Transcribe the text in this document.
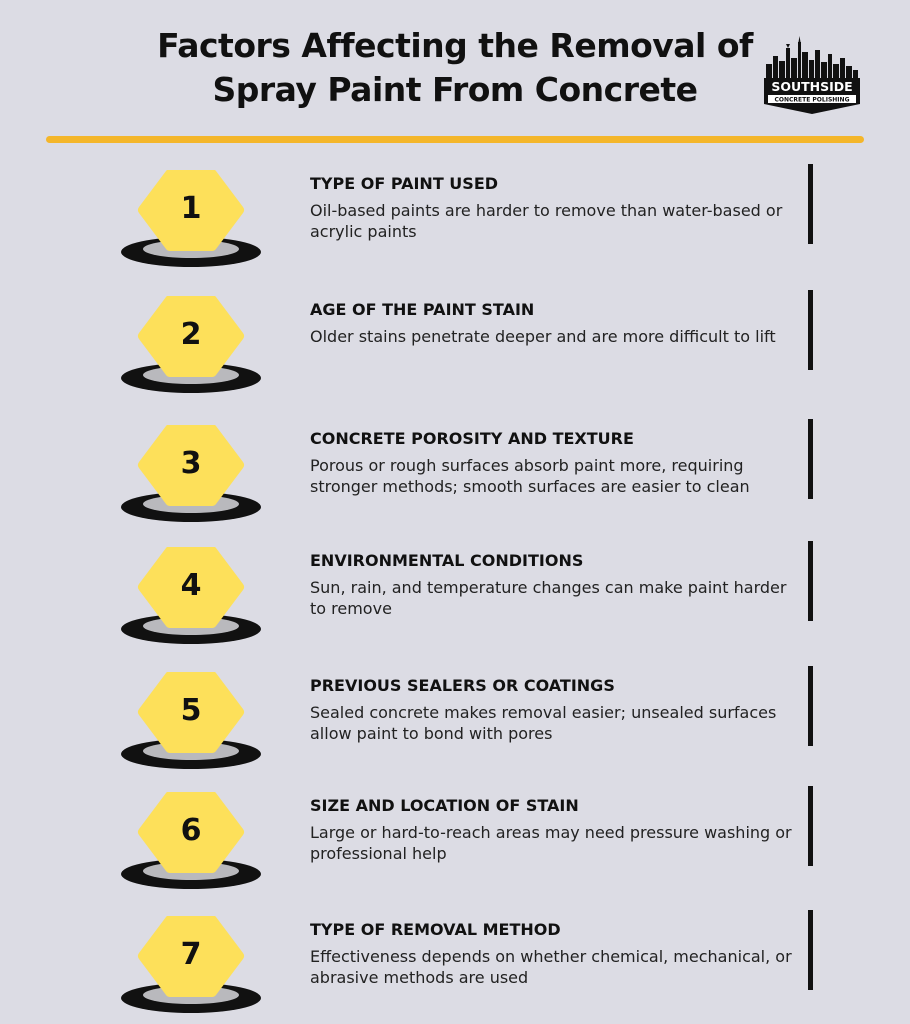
Factors Affecting the Removal of
Spray Paint From Concrete	SOUTHSIDE
CONCRETE POLISHING
1
TYPE OF PAINT USED
Oil-based paints are harder to remove than water-based or acrylic paints
2
AGE OF THE PAINT STAIN
Older stains penetrate deeper and are more difficult to lift
3
CONCRETE POROSITY AND TEXTURE
Porous or rough surfaces absorb paint more, requiring stronger methods; smooth surfaces are easier to clean
4
ENVIRONMENTAL CONDITIONS
Sun, rain, and temperature changes can make paint harder to remove
5
PREVIOUS SEALERS OR COATINGS
Sealed concrete makes removal easier; unsealed surfaces allow paint to bond with pores
6
SIZE AND LOCATION OF STAIN
Large or hard-to-reach areas may need pressure washing or professional help
7
TYPE OF REMOVAL METHOD
Effectiveness depends on whether chemical, mechanical, or abrasive methods are used
